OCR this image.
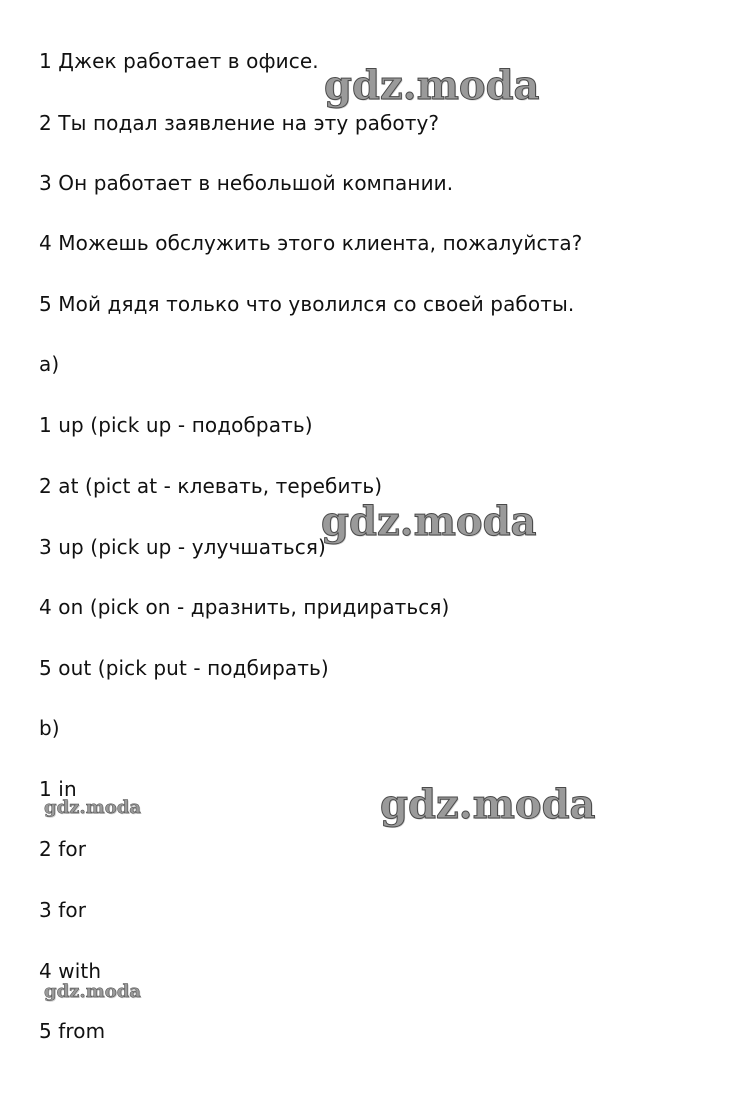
1 Джек работает в офисе.
2 Ты подал заявление на эту работу?
3 Он работает в небольшой компании.
4 Можешь обслужить этого клиента, пожалуйста?
5 Мой дядя только что уволился со своей работы.
a)
1 up (pick up - подобрать)
2 at (pict at - клевать, теребить)
3 up (pick up - улучшаться)
4 on (pick on - дразнить, придираться)
5 out (pick put - подбирать)
b)
1 in
2 for
3 for
4 with
5 from
gdz.moda
gdz.moda
gdz.moda
gdz.moda
gdz.moda
